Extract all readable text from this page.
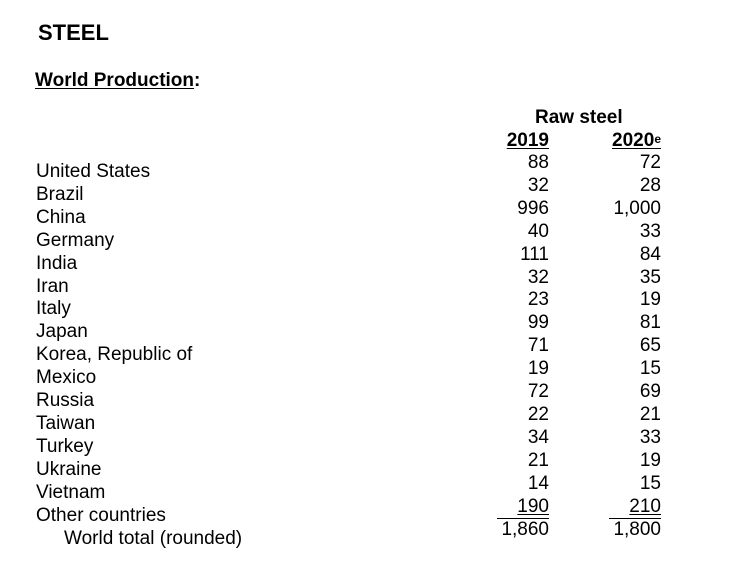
STEEL
World Production:
Raw steel
United States
Brazil
China
Germany
India
Iran
Italy
Japan
Korea, Republic of
Mexico
Russia
Taiwan
Turkey
Ukraine
Vietnam
Other countries
World total (rounded)
2019
88
32
996
40
111
32
23
99
71
19
72
22
34
21
14
190
1,860
2020e
72
28
1,000
33
84
35
19
81
65
15
69
21
33
19
15
210
1,800
